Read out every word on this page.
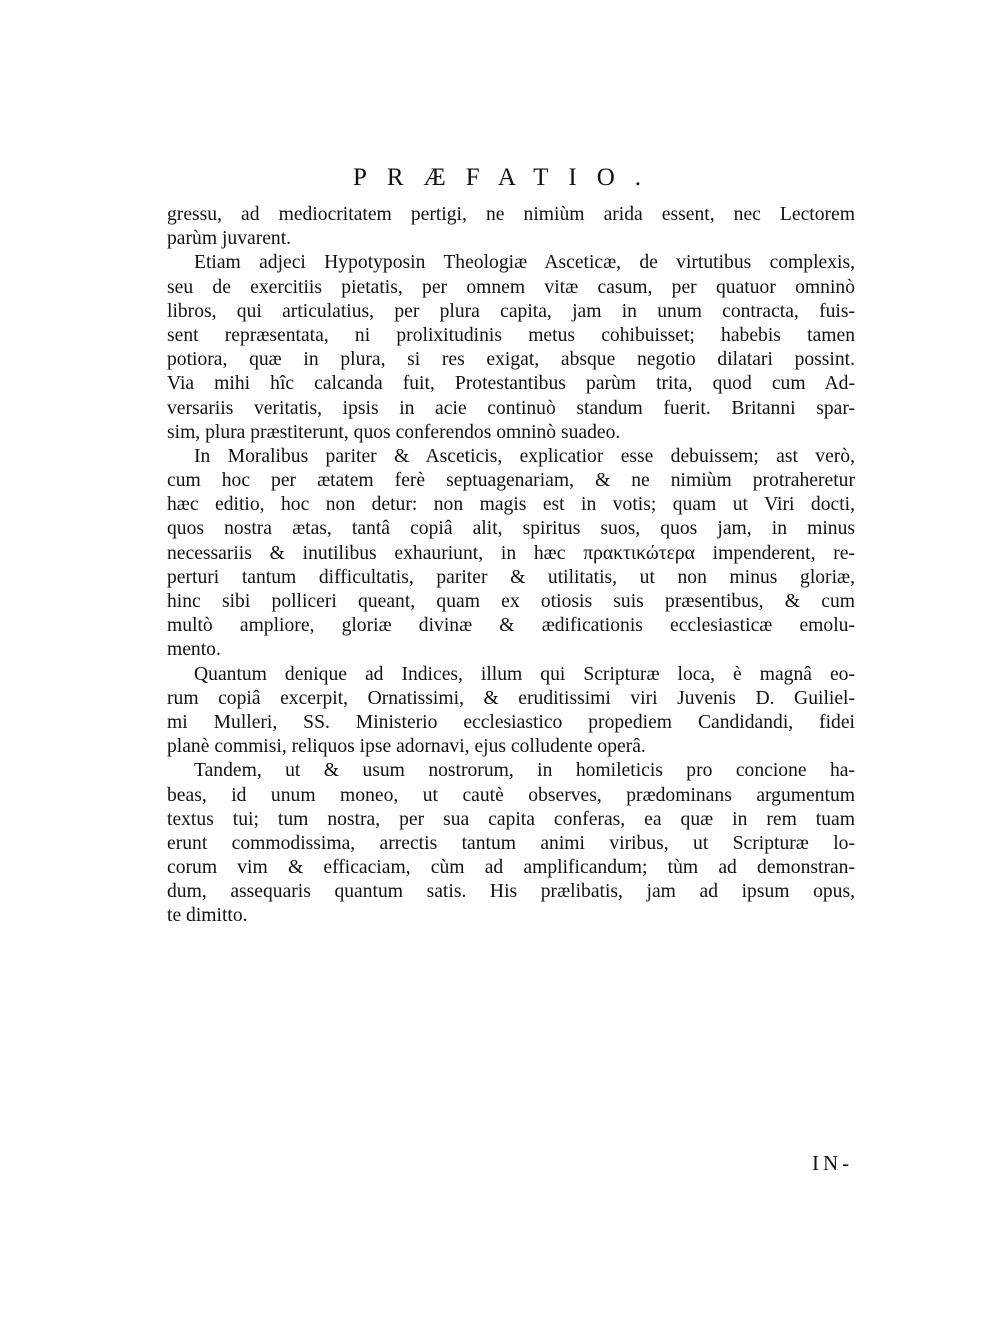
PRÆFATIO.
gressu, ad mediocritatem pertigi, ne nimiùm arida essent, nec Lectorem
parùm juvarent.
Etiam adjeci Hypotyposin Theologiæ Asceticæ, de virtutibus complexis,
seu de exercitiis pietatis, per omnem vitæ casum, per quatuor omninò
libros, qui articulatius, per plura capita, jam in unum contracta, fuis-
sent repræsentata, ni prolixitudinis metus cohibuisset; habebis tamen
potiora, quæ in plura, si res exigat, absque negotio dilatari possint.
Via mihi hîc calcanda fuit, Protestantibus parùm trita, quod cum Ad-
versariis veritatis, ipsis in acie continuò standum fuerit. Britanni spar-
sim, plura præstiterunt, quos conferendos omninò suadeo.
In Moralibus pariter & Asceticis, explicatior esse debuissem; ast verò,
cum hoc per ætatem ferè septuagenariam, & ne nimiùm protraheretur
hæc editio, hoc non detur: non magis est in votis; quam ut Viri docti,
quos nostra ætas, tantâ copiâ alit, spiritus suos, quos jam, in minus
necessariis & inutilibus exhauriunt, in hæc πρακτικώτερα impenderent, re-
perturi tantum difficultatis, pariter & utilitatis, ut non minus gloriæ,
hinc sibi polliceri queant, quam ex otiosis suis præsentibus, & cum
multò ampliore, gloriæ divinæ & ædificationis ecclesiasticæ emolu-
mento.
Quantum denique ad Indices, illum qui Scripturæ loca, è magnâ eo-
rum copiâ excerpit, Ornatissimi, & eruditissimi viri Juvenis D. Guiliel-
mi Mulleri, SS. Ministerio ecclesiastico propediem Candidandi, fidei
planè commisi, reliquos ipse adornavi, ejus colludente operâ.
Tandem, ut & usum nostrorum, in homileticis pro concione ha-
beas, id unum moneo, ut cautè observes, prædominans argumentum
textus tui; tum nostra, per sua capita conferas, ea quæ in rem tuam
erunt commodissima, arrectis tantum animi viribus, ut Scripturæ lo-
corum vim & efficaciam, cùm ad amplificandum; tùm ad demonstran-
dum, assequaris quantum satis. His prælibatis, jam ad ipsum opus,
te dimitto.
IN-
